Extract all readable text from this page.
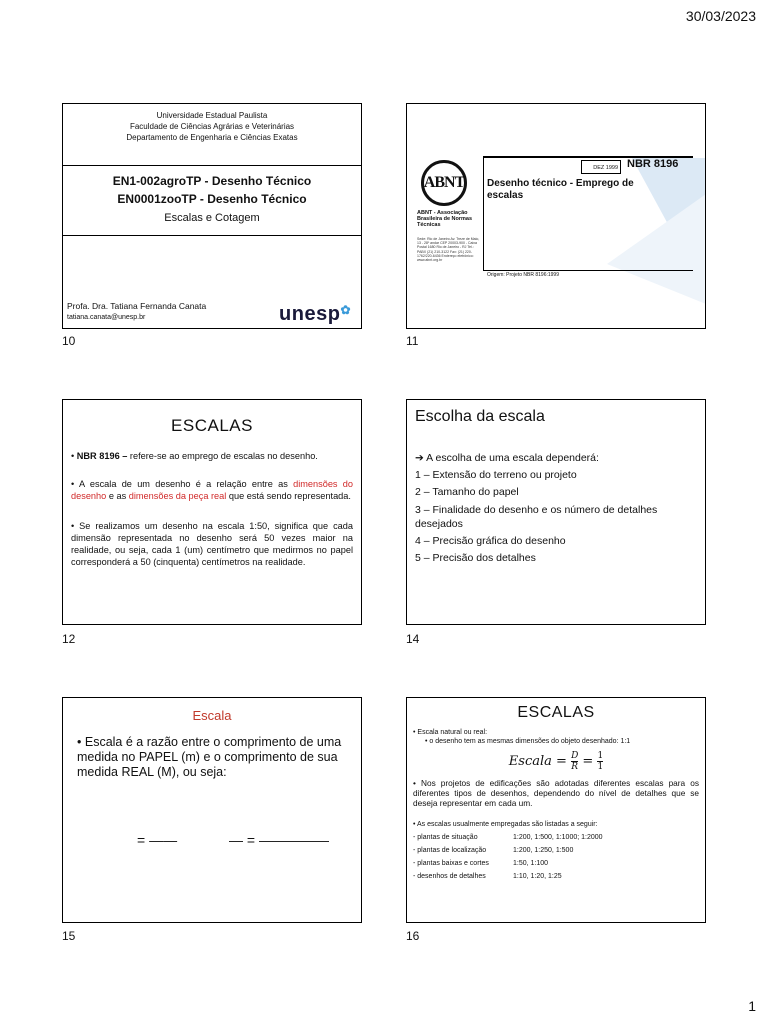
30/03/2023
Universidade Estadual Paulista
Faculdade de Ciências Agrárias e Veterinárias
Departamento de Engenharia e Ciências Exatas
EN1-002agroTP - Desenho Técnico
EN0001zooTP - Desenho Técnico
Escalas e Cotagem
Profa. Dra. Tatiana Fernanda Canata
tatiana.canata@unesp.br	unesp✿
10
ABNT
ABNT - Associação Brasileira de Normas Técnicas
Sede: Rio de Janeiro Av. Treze de Maio, 13 - 28º andar CEP 20003-900 - Caixa Postal 1680 Rio de Janeiro - RJ Tel.: PABX (21) 210-3122 Fax: (21) 220-1762/220-6436 Endereço eletrônico: www.abnt.org.br
DEZ 1999 NBR 8196
Desenho técnico - Emprego de escalas
Origem: Projeto NBR 8196:1999
11
ESCALAS
• NBR 8196 – refere-se ao emprego de escalas no desenho.
• A escala de um desenho é a relação entre as dimensões do desenho e as dimensões da peça real que está sendo representada.
• Se realizamos um desenho na escala 1:50, significa que cada dimensão representada no desenho será 50 vezes maior na realidade, ou seja, cada 1 (um) centímetro que medirmos no papel corresponderá a 50 (cinquenta) centímetros na realidade.
12
Escolha da escala
➔ A escolha de uma escala dependerá:
1 – Extensão do terreno ou projeto
2 – Tamanho do papel
3 – Finalidade do desenho e os número de detalhes desejados
4 – Precisão gráfica do desenho
5 – Precisão dos detalhes
14
Escala
• Escala é a razão entre o comprimento de uma medida no PAPEL (m) e o comprimento de sua medida REAL (M), ou seja:
= ——	— = —————
15
ESCALAS
• Escala natural ou real:
• o desenho tem as mesmas dimensões do objeto desenhado: 1:1
Escala = $\frac{D}{R} = \frac{1}{1}$
• Nos projetos de edificações são adotadas diferentes escalas para os diferentes tipos de desenhos, dependendo do nível de detalhes que se deseja representar em cada um.
• As escalas usualmente empregadas são listadas a seguir:
- plantas de situação	1:200, 1:500, 1:1000; 1:2000
- plantas de localização	1:200, 1:250, 1:500
- plantas baixas e cortes	1:50, 1:100
- desenhos de detalhes	1:10, 1:20, 1:25
16
1
